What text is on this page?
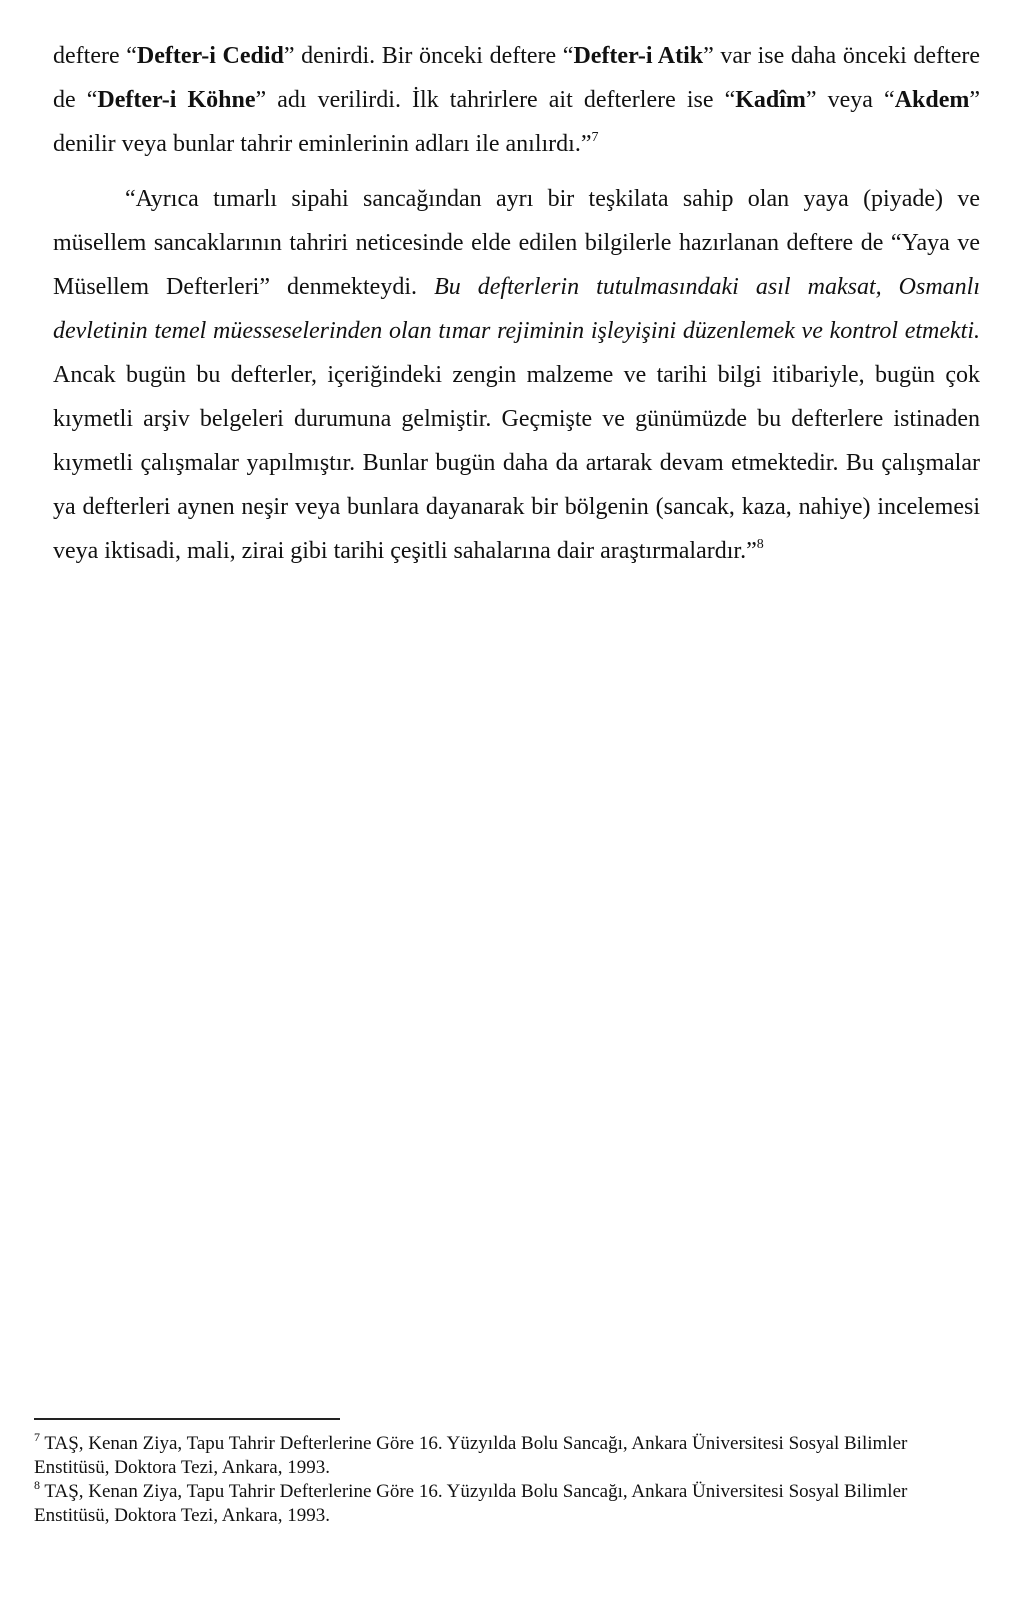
deftere “Defter-i Cedid” denirdi. Bir önceki deftere “Defter-i Atik” var ise daha önceki deftere de “Defter-i Köhne” adı verilirdi. İlk tahrirlere ait defterlere ise “Kadîm” veya “Akdem” denilir veya bunlar tahrir eminlerinin adları ile anılırdı.”$^7$

“Ayrıca tımarlı sipahi sancağından ayrı bir teşkilata sahip olan yaya (piyade) ve müsellem sancaklarının tahriri neticesinde elde edilen bilgilerle hazırlanan deftere de “Yaya ve Müsellem Defterleri” denmekteydi. Bu defterlerin tutulmasındaki asıl maksat, Osmanlı devletinin temel müesseselerinden olan tımar rejiminin işleyişini düzenlemek ve kontrol etmekti. Ancak bugün bu defterler, içeriğindeki zengin malzeme ve tarihi bilgi itibariyle, bugün çok kıymetli arşiv belgeleri durumuna gelmiştir. Geçmişte ve günümüzde bu defterlere istinaden kıymetli çalışmalar yapılmıştır. Bunlar bugün daha da artarak devam etmektedir. Bu çalışmalar ya defterleri aynen neşir veya bunlara dayanarak bir bölgenin (sancak, kaza, nahiye) incelemesi veya iktisadi, mali, zirai gibi tarihi çeşitli sahalarına dair araştırmalardır.”$^8$

$^7$ TAŞ, Kenan Ziya, Tapu Tahrir Defterlerine Göre 16. Yüzyılda Bolu Sancağı, Ankara Üniversitesi Sosyal Bilimler Enstitüsü, Doktora Tezi, Ankara, 1993.

$^8$ TAŞ, Kenan Ziya, Tapu Tahrir Defterlerine Göre 16. Yüzyılda Bolu Sancağı, Ankara Üniversitesi Sosyal Bilimler Enstitüsü, Doktora Tezi, Ankara, 1993.
